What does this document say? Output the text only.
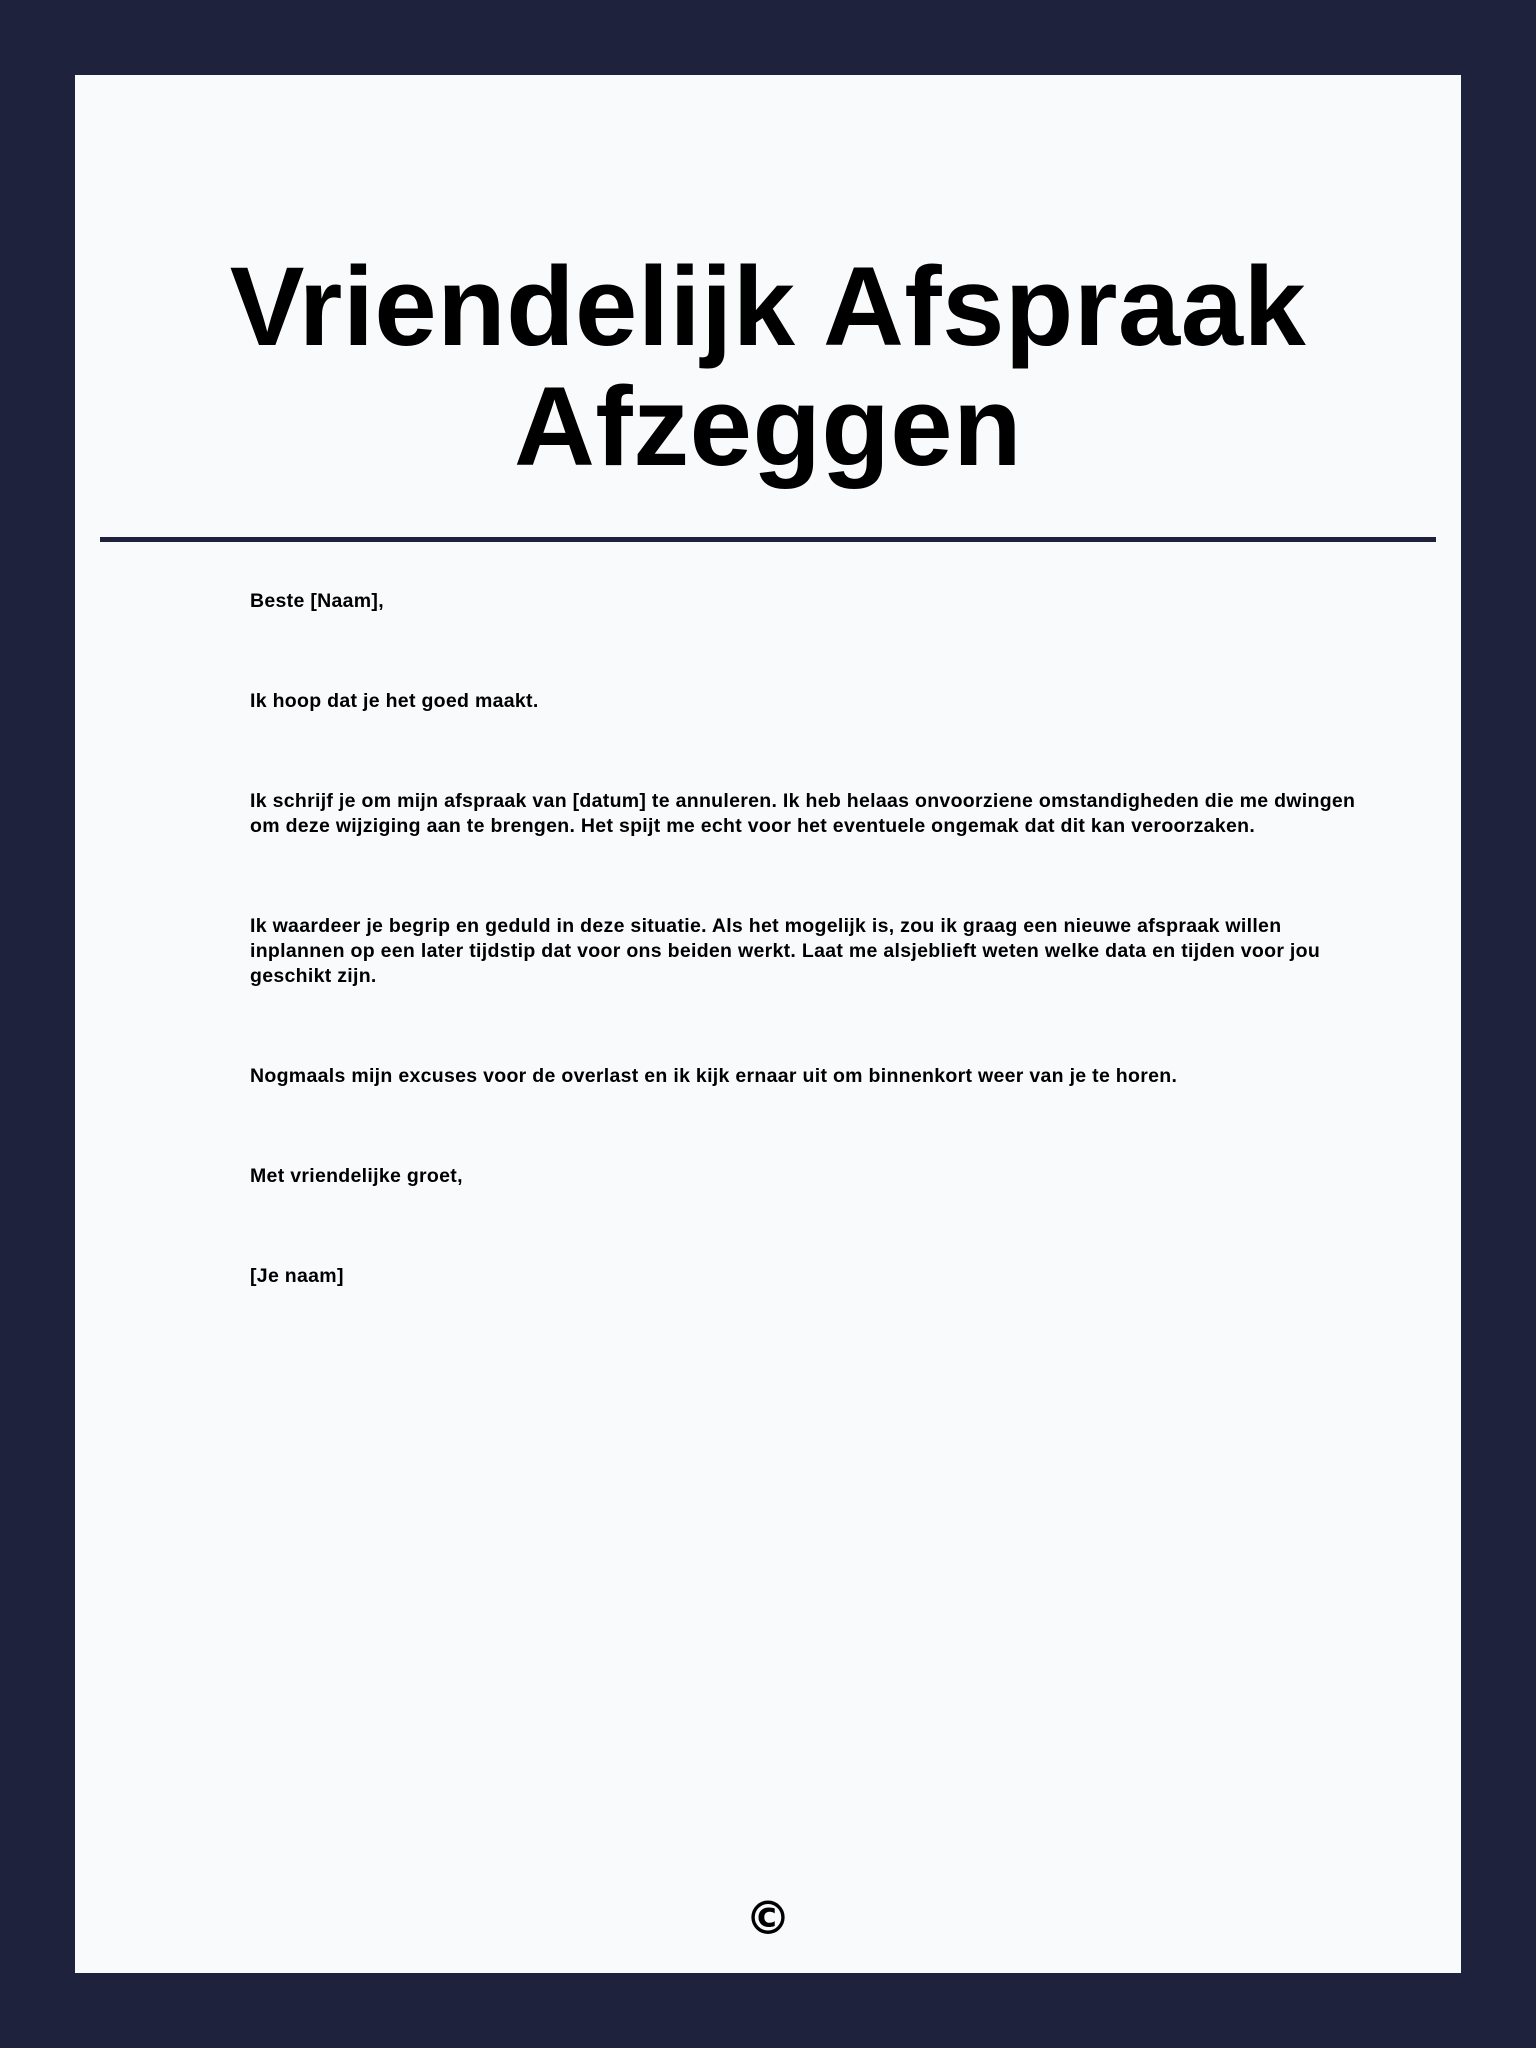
Vriendelijk Afspraak Afzeggen

Beste [Naam],

Ik hoop dat je het goed maakt.

Ik schrijf je om mijn afspraak van [datum] te annuleren. Ik heb helaas onvoorziene omstandigheden die me dwingen om deze wijziging aan te brengen. Het spijt me echt voor het eventuele ongemak dat dit kan veroorzaken.

Ik waardeer je begrip en geduld in deze situatie. Als het mogelijk is, zou ik graag een nieuwe afspraak willen inplannen op een later tijdstip dat voor ons beiden werkt. Laat me alsjeblieft weten welke data en tijden voor jou geschikt zijn.

Nogmaals mijn excuses voor de overlast en ik kijk ernaar uit om binnenkort weer van je te horen.

Met vriendelijke groet,

[Je naam]

©
